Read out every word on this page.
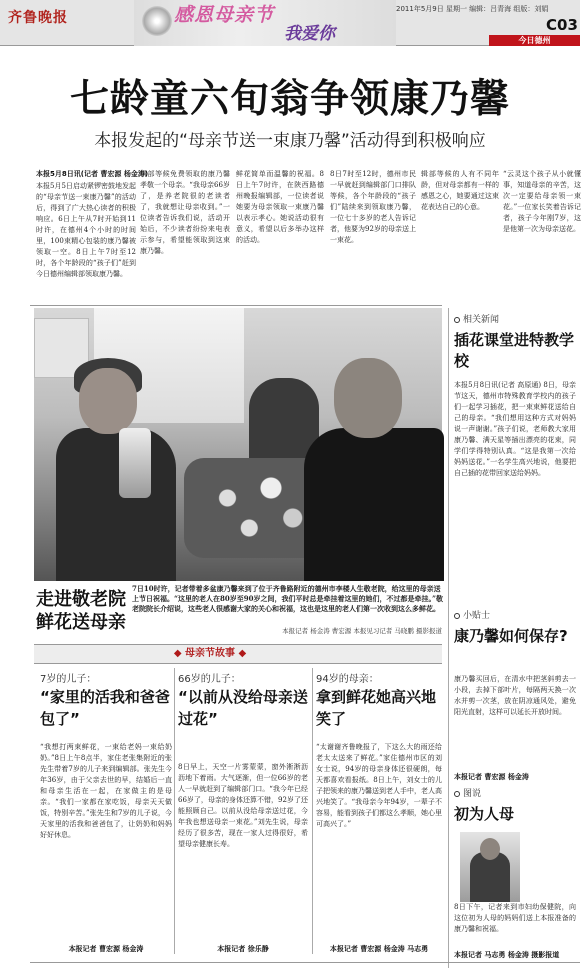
齐鲁晚报	感恩母亲节
我爱你
2011年5月9日 星期一 编辑：吕青海 组版：刘娟
C03
今日德州
七龄童六旬翁争领康乃馨
本报发起的“母亲节送一束康乃馨”活动得到积极响应
本报5月8日讯(记者 曹宏源 杨金涛)
本报5月5日启动紧锣密鼓地发起的“母亲节送一束康乃馨”的活动后，得到了广大热心读者的积极响应。6日上午从7时开始到11时许，在德州4个小时的时间里，100束精心包装的康乃馨被领取一空。8日上午7时至12时，各个年龄段的“孩子们”赶到今日德州编辑部领取康乃馨。
辑部等候免费领取的康乃馨孝敬一个母亲。“我母亲66岁了，是养老院很的老读者了，我就想让母亲收到。”一位读者告诉我们说，活动开始后，不少读者纷纷来电表示参与，希望能领取到这束康乃馨。
鲜花简单而温馨的祝福。8日上午7时许，在陕西路德州晚报编辑部，一位读者说她要为母亲领取一束康乃馨以表示孝心。她说活动很有意义，希望以后多举办这样的活动。
8日7时至12时，德州市民一早就赶到编辑部门口排队等候，各个年龄段的“孩子们”陆续来到领取康乃馨，一位七十多岁的老人告诉记者，他要为92岁的母亲送上一束花。
辑部等候的人有不同年龄，但对母亲都有一样的感恩之心，她要通过这束花表达自己的心意。
“云灵这个孩子从小就懂事，知道母亲的辛苦，这次一定要给母亲领一束花。”一位家长笑着告诉记者，孩子今年刚7岁，这是他第一次为母亲送花。
走进敬老院鲜花送母亲
7日10时许，记者带着多盆康乃馨来到了位于齐鲁路附近的德州市李楼人生敬老院，给这里的母亲送上节日祝福。“这里的老人在80岁至90岁之间，我们平时总是牵挂着这里的她们，不过都是牵挂。”敬老院院长介绍说，这些老人很感谢大家的关心和祝福，这也是这里的老人们第一次收到这么多鲜花。
本报记者 杨金涛 曹宏源 本报见习记者 马晓鹏 摄影报道
◆ 母亲节故事 ◆
7岁的儿子：
“家里的活我和爸爸包了”
“我想打两束鲜花，一束给老妈一束给奶奶。”8日上午8点半，家住老张集附近的张先生带着7岁的儿子来到编辑部。张先生今年36岁，由于父亲去世的早，结婚后一直和母亲生活在一起，在家做主的是母亲。“我们一家都在家吃饭，母亲天天做饭，特别辛苦。”张先生和7岁的儿子说，今天家里的活我和爸爸包了，让奶奶和妈妈好好休息。
本报记者 曹宏源 杨金涛
66岁的儿子：
“以前从没给母亲送过花”
8日早上，天空一片雾蒙蒙，窗外淅淅沥沥地下着雨。大气逐渐，但一位66岁的老人一早就赶到了编辑部门口。“我今年已经66岁了，母亲的身体还算不错，92岁了还能照顾自己。以前从没给母亲送过花，今年我也想送母亲一束花。”刘先生说，母亲经历了很多苦，现在一家人过得很好，希望母亲健康长寿。
本报记者 徐乐静
94岁的母亲：
拿到鲜花她高兴地笑了
“太谢谢齐鲁晚报了，下这么大的雨还给老太太送来了鲜花。”家住德州市区的刘女士说，94岁的母亲身体还很硬朗，每天都喜欢看报纸。8日上午，刘女士的儿子把领来的康乃馨送到老人手中，老人高兴地笑了。“我母亲今年94岁，一辈子不容易，能看到孩子们都这么孝顺，她心里可高兴了。”
本报记者 曹宏源 杨金涛 马志勇
相关新闻
插花课堂进特教学校
本报5月8日讯(记者 高原通) 8日，母亲节这天，德州市特殊教育学校内的孩子们一起学习插花，把一束束鲜花送给自己的母亲。“我们想用这种方式对妈妈说一声谢谢。”孩子们说，老师教大家用康乃馨、满天星等插出漂亮的花束，同学们学得特别认真。“这是我第一次给妈妈送花。”一名学生高兴地说，他要把自己插的花带回家送给妈妈。
小贴士
康乃馨如何保存?
康乃馨买回后，在清水中把茎斜剪去一小段，去掉下部叶片，每隔两天换一次水并剪一次茎，放在阴凉通风处，避免阳光直射，这样可以延长开放时间。
本报记者 曹宏源 杨金涛
图说
初为人母
8日下午，记者来到市妇幼保健院，向这位初为人母的妈妈们送上本报准备的康乃馨和祝福。
本报记者 马志勇 杨金涛 摄影报道
